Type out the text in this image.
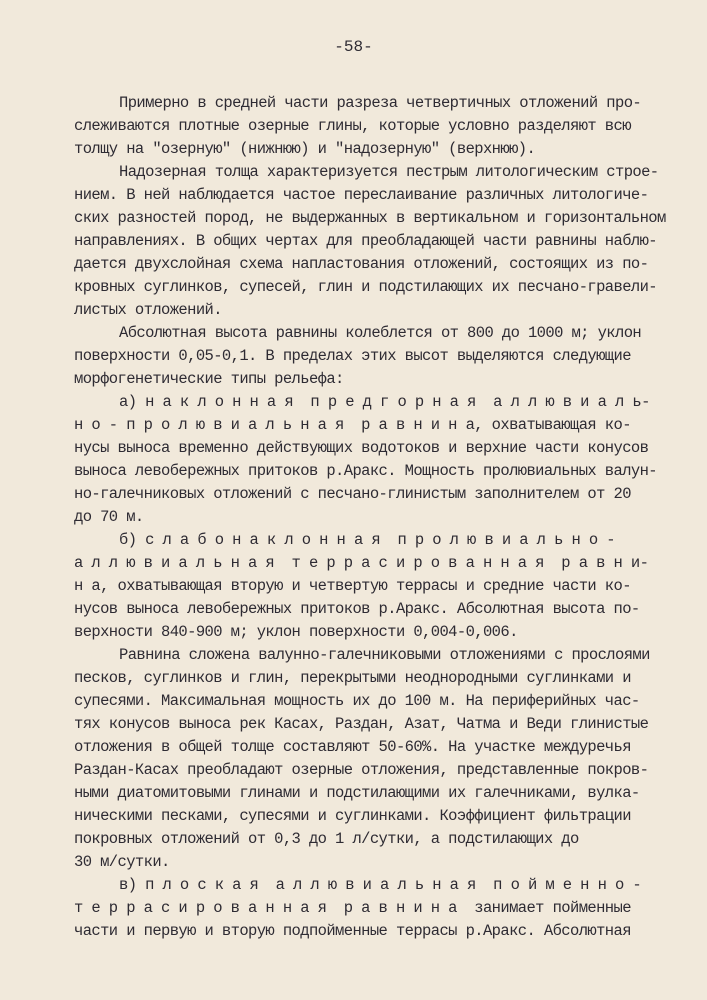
-58-
Примерно в средней части разреза четвертичных отложений про-
слеживаются плотные озерные глины, которые условно разделяют всю
толщу на "озерную" (нижнюю) и "надозерную" (верхнюю).
Надозерная толща характеризуется пестрым литологическим строе-
нием. В ней наблюдается частое переслаивание различных литологиче-
ских разностей пород, не выдержанных в вертикальном и горизонтальном
направлениях. В общих чертах для преобладающей части равнины наблю-
дается двухслойная схема напластования отложений, состоящих из по-
кровных суглинков, супесей, глин и подстилающих их песчано-гравели-
листых отложений.
Абсолютная высота равнины колеблется от 800 до 1000 м; уклон
поверхности 0,05-0,1. В пределах этих высот выделяются следующие
морфогенетические типы рельефа:
а) н а к л о н н а я  п р е д г о р н а я  а л л ю в и а л ь-
н о - п р о л ю в и а л ь н а я  р а в н и н а, охватывающая ко-
нусы выноса временно действующих водотоков и верхние части конусов
выноса левобережных притоков р.Аракс. Мощность пролювиальных валун-
но-галечниковых отложений с песчано-глинистым заполнителем от 20
до 70 м.
б) с л а б о н а к л о н н а я  п р о л ю в и а л ь н о -
а л л ю в и а л ь н а я  т е р р а с и р о в а н н а я  р а в н и-
н а, охватывающая вторую и четвертую террасы и средние части ко-
нусов выноса левобережных притоков р.Аракс. Абсолютная высота по-
верхности 840-900 м; уклон поверхности 0,004-0,006.
Равнина сложена валунно-галечниковыми отложениями с прослоями
песков, суглинков и глин, перекрытыми неоднородными суглинками и
супесями. Максимальная мощность их до 100 м. На периферийных час-
тях конусов выноса рек Касах, Раздан, Азат, Чатма и Веди глинистые
отложения в общей толще составляют 50-60%. На участке междуречья
Раздан-Касах преобладают озерные отложения, представленные покров-
ными диатомитовыми глинами и подстилающими их галечниками, вулка-
ническими песками, супесями и суглинками. Коэффициент фильтрации
покровных отложений от 0,3 до 1 л/сутки, а подстилающих до
30 м/сутки.
в) п л о с к а я  а л л ю в и а л ь н а я  п о й м е н н о -
т е р р а с и р о в а н н а я  р а в н и н а  занимает пойменные
части и первую и вторую подпойменные террасы р.Аракс. Абсолютная
